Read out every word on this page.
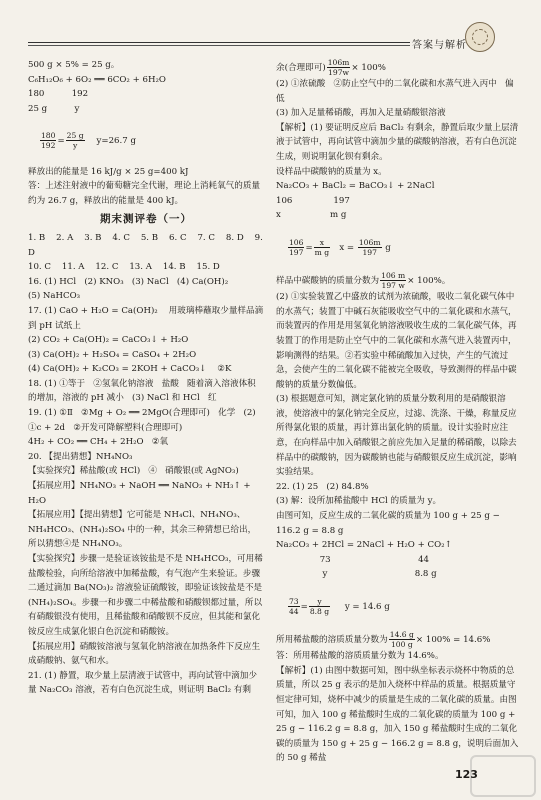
答案与解析

500 g × 5% = 25 g。

C₆H₁₂O₆ + 6O₂ ══ 6CO₂ + 6H₂O

180          192

25 g          y

$\frac{180}{192} = \frac{25 g}{y} y=26.7$ g

释放出的能量是 16 kJ/g × 25 g=400 kJ

答：上述注射液中的葡萄糖完全代谢，理论上消耗氧气的质量约为 26.7 g，释放出的能量是 400 kJ。

期末测评卷（一）

1. B    2. A    3. B    4. C    5. B    6. C    7. C    8. D    9. D

10. C    11. A    12. C    13. A    14. B    15. D

16. (1) HCl   (2) KNO₃   (3) NaCl   (4) Ca(OH)₂

(5) NaHCO₃

17. (1) CaO + H₂O = Ca(OH)₂    用玻璃棒蘸取少量样品滴到 pH 试纸上

(2) CO₂ + Ca(OH)₂ = CaCO₃↓ + H₂O

(3) Ca(OH)₂ + H₂SO₄ = CaSO₄ + 2H₂O

(4) Ca(OH)₂ + K₂CO₃ = 2KOH + CaCO₃↓    ②K

18. (1) ①等于   ②氢氧化钠溶液   盐酸   随着滴入溶液体积的增加，溶液的 pH 减小   (3) NaCl 和 HCl   红

19. (1) ①Ⅱ   ②Mg + O₂ ══ 2MgO(合理即可)   化学   (2) ①c + 2d   ②开发可降解塑料(合理即可)

4H₂ + CO₂ ══ CH₄ + 2H₂O   ②氧

20. 【提出猜想】NH₄NO₃

【实验探究】稀盐酸(或 HCl)   ④   硝酸银(或 AgNO₃)

【拓展应用】NH₄NO₃ + NaOH ══ NaNO₃ + NH₃↑ + H₂O

【拓展应用】【提出猜想】它可能是 NH₄Cl、NH₄NO₃、NH₄HCO₃、(NH₄)₂SO₄ 中的一种，其余三种猜想已给出，所以猜想④是 NH₄NO₃。

【实验探究】步骤一是验证该铵盐是不是 NH₄HCO₃，可用稀盐酸检验，向所给溶液中加稀盐酸，有气泡产生来验证。步骤二通过滴加 Ba(NO₃)₂ 溶液验证硫酸铵，即验证该铵盐是不是(NH₄)₂SO₄。步骤一和步骤二中稀盐酸和硝酸钡都过量，所以有硝酸银没有使用，且稀盐酸和硝酸钡不反应，但其能和氯化铵反应生成氯化银白色沉淀和硝酸铵。

【拓展应用】硝酸铵溶液与氢氧化钠溶液在加热条件下反应生成硝酸钠、氨气和水。

21. (1) 静置，取少量上层清液于试管中，再向试管中滴加少量 Na₂CO₃ 溶液，若有白色沉淀生成，则证明 BaCl₂ 有剩

余(合理即可) $\frac{106m}{197w} \times 100\%$

(2) ①浓硫酸   ②防止空气中的二氧化碳和水蒸气进入丙中   偏低

(3) 加入足量稀硝酸，再加入足量硝酸银溶液

【解析】(1) 要证明反应后 BaCl₂ 有剩余，静置后取少量上层清液于试管中，再向试管中滴加少量的碳酸钠溶液，若有白色沉淀生成，则说明氯化钡有剩余。

设样品中碳酸钠的质量为 x。

Na₂CO₃ + BaCl₂ = BaCO₃↓ + 2NaCl

106               197

x                  m g

$\frac{106}{197} = \frac{x}{\text{m g}}$ $x = \frac{106m}{197}$ g

样品中碳酸钠的质量分数为 $\frac{106 m}{197 w} \times 100\%$。

(2) ①实验装置乙中盛放的试剂为浓硫酸，吸收二氧化碳气体中的水蒸气；装置丁中碱石灰能吸收空气中的二氧化碳和水蒸气，而装置丙的作用是用氢氧化钠溶液吸收生成的二氧化碳气体，再装置丁的作用是防止空气中的二氧化碳和水蒸气进入装置丙中，影响测得的结果。②若实验中稀硫酸加入过快，产生的气流过急，会使产生的二氧化碳不能被完全吸收，导致测得的样品中碳酸钠的质量分数偏低。

(3) 根据题意可知，测定氯化钠的质量分数利用的是硝酸银溶液，使溶液中的氯化钠完全反应，过滤、洗涤、干燥，称量反应所得氯化银的质量，再计算出氯化钠的质量。设计实验时应注意，在向样品中加入硝酸银之前应先加入足量的稀硝酸，以除去样品中的碳酸钠，因为碳酸钠也能与硝酸银反应生成沉淀，影响实验结果。

22. (1) 25   (2) 84.8%

(3) 解：设所加稀盐酸中 HCl 的质量为 y。

由图可知，反应生成的二氧化碳的质量为 100 g + 25 g − 116.2 g = 8.8 g

Na₂CO₃ + 2HCl = 2NaCl + H₂O + CO₂↑

73                                44

y                                8.8 g

$\frac{73}{44} = \frac{y}{8.8 g}$ y = 14.6 g

所用稀盐酸的溶质质量分数为 $\frac{14.6 g}{100 g} \times 100\% = 14.6\%$

答：所用稀盐酸的溶质质量分数为 14.6%。

【解析】(1) 由图中数据可知，图中纵坐标表示烧杯中物质的总质量，所以 25 g 表示的是加入烧杯中样品的质量。根据质量守恒定律可知，烧杯中减少的质量是生成的二氧化碳的质量。由图可知，加入 100 g 稀盐酸时生成的二氧化碳的质量为 100 g + 25 g − 116.2 g = 8.8 g，加入 150 g 稀盐酸时生成的二氧化碳的质量为 150 g + 25 g − 166.2 g = 8.8 g，说明后面加入的 50 g 稀盐

123
